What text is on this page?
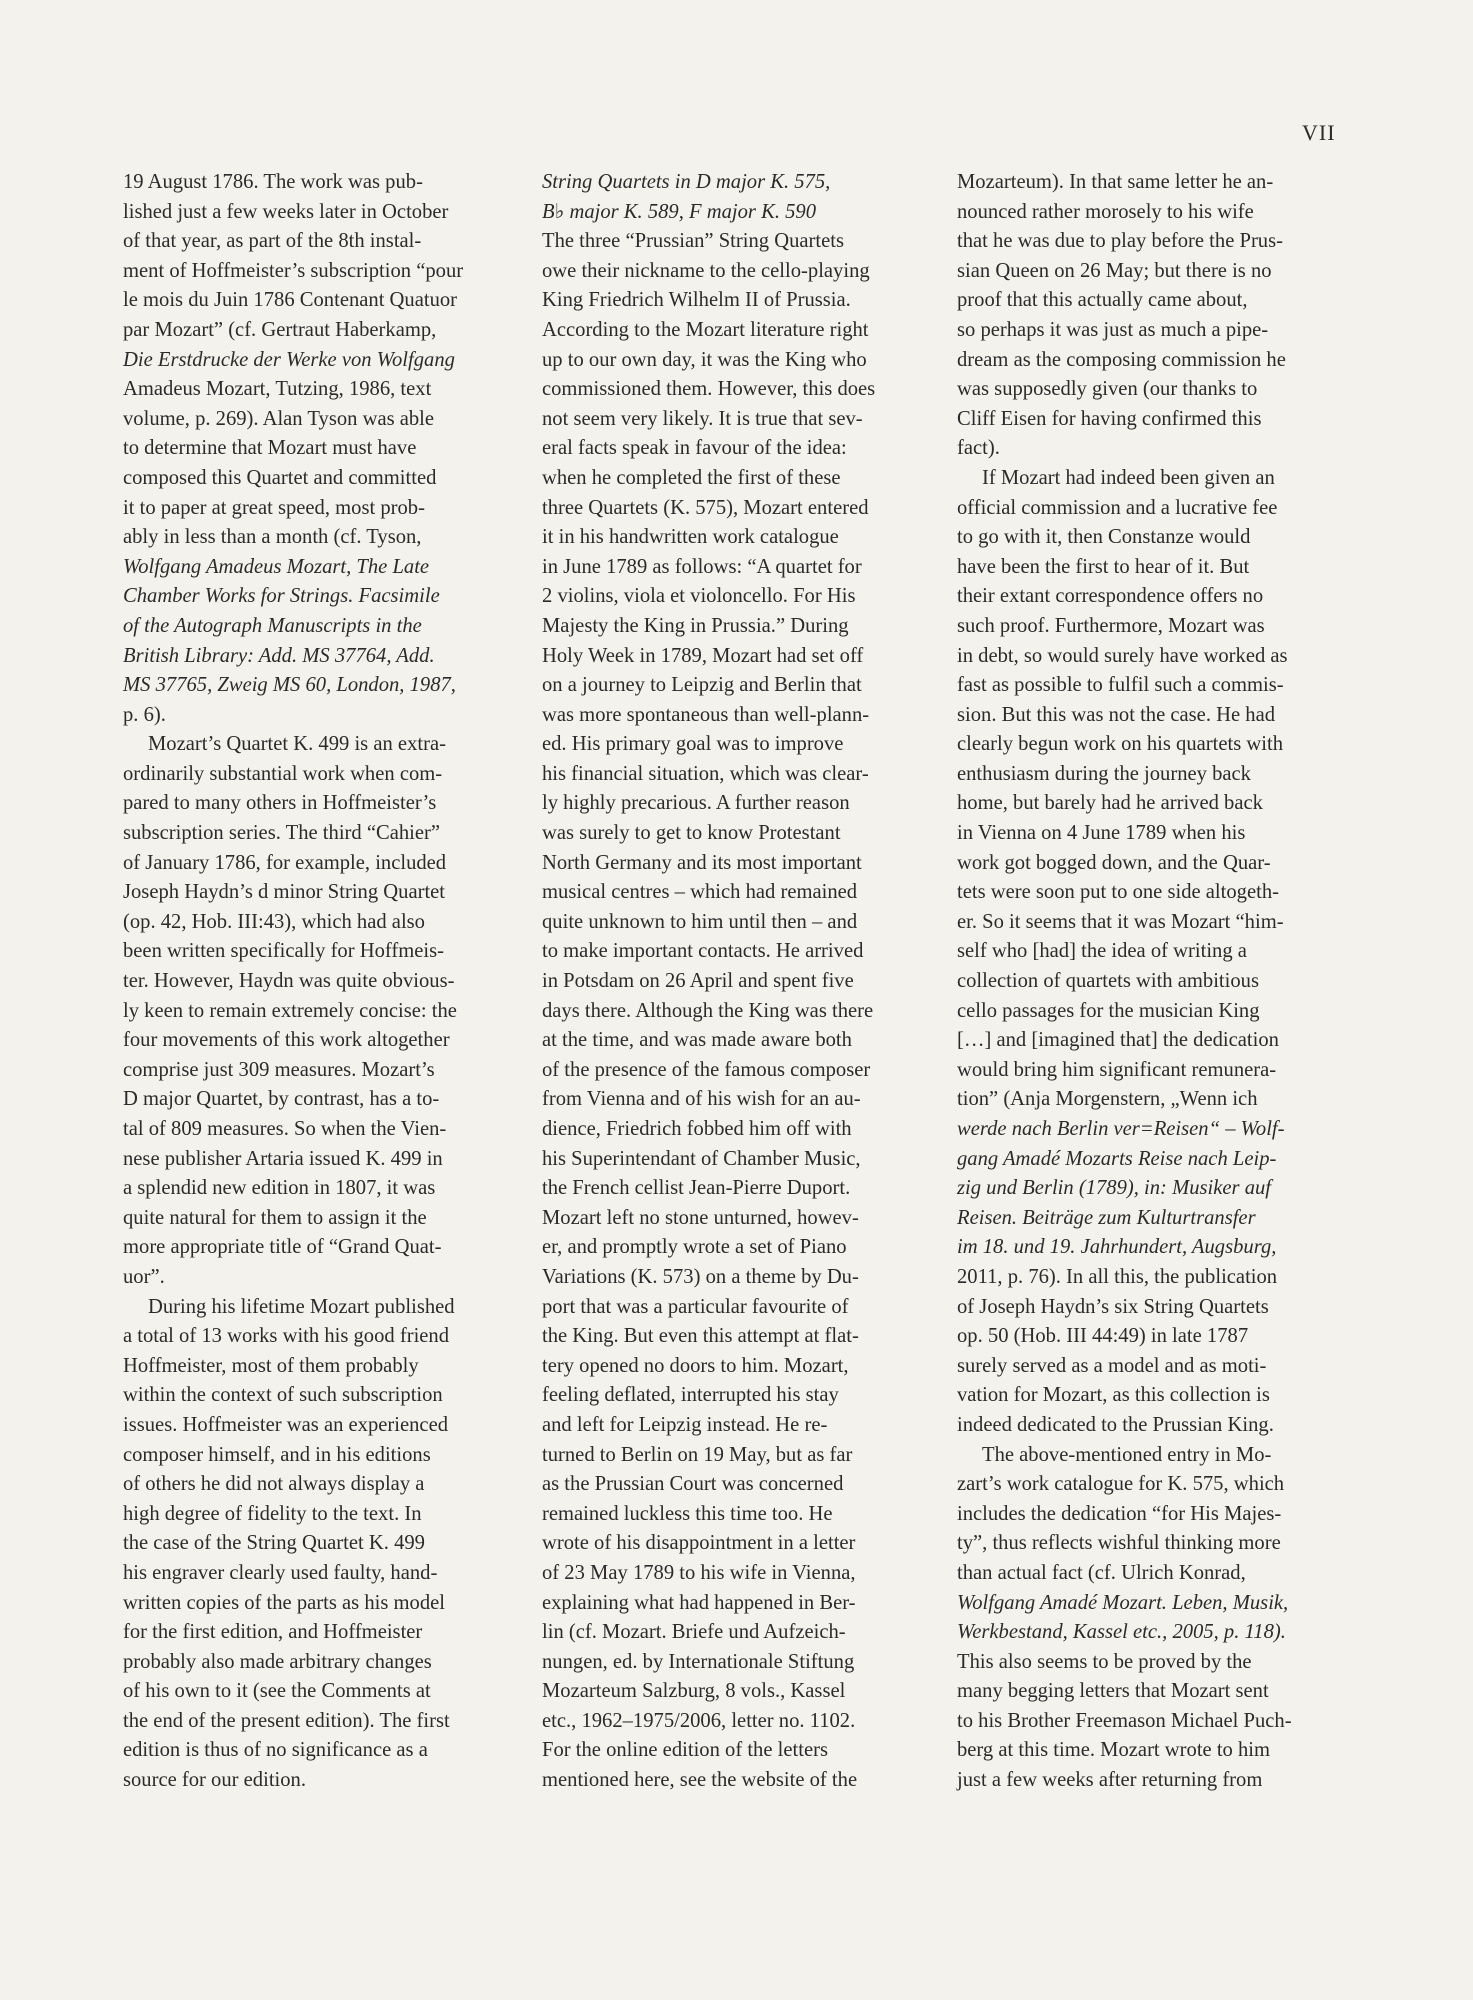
VII
19 August 1786. The work was pub-
lished just a few weeks later in October
of that year, as part of the 8th instal-
ment of Hoffmeister’s subscription “pour
le mois du Juin 1786 Contenant Quatuor
par Mozart” (cf. Gertraut Haberkamp,
Die Erstdrucke der Werke von Wolfgang
Amadeus Mozart, Tutzing, 1986, text
volume, p. 269). Alan Tyson was able
to determine that Mozart must have
composed this Quartet and committed
it to paper at great speed, most prob-
ably in less than a month (cf. Tyson,
Wolfgang Amadeus Mozart, The Late
Chamber Works for Strings. Facsimile
of the Autograph Manuscripts in the
British Library: Add. MS 37764, Add.
MS 37765, Zweig MS 60, London, 1987,
p. 6).
Mozart’s Quartet K. 499 is an extra-
ordinarily substantial work when com-
pared to many others in Hoffmeister’s
subscription series. The third “Cahier”
of January 1786, for example, included
Joseph Haydn’s d minor String Quartet
(op. 42, Hob. III:43), which had also
been written specifically for Hoffmeis-
ter. However, Haydn was quite obvious-
ly keen to remain extremely concise: the
four movements of this work altogether
comprise just 309 measures. Mozart’s
D major Quartet, by contrast, has a to-
tal of 809 measures. So when the Vien-
nese publisher Artaria issued K. 499 in
a splendid new edition in 1807, it was
quite natural for them to assign it the
more appropriate title of “Grand Quat-
uor”.
During his lifetime Mozart published
a total of 13 works with his good friend
Hoffmeister, most of them probably
within the context of such subscription
issues. Hoffmeister was an experienced
composer himself, and in his editions
of others he did not always display a
high degree of fidelity to the text. In
the case of the String Quartet K. 499
his engraver clearly used faulty, hand-
written copies of the parts as his model
for the first edition, and Hoffmeister
probably also made arbitrary changes
of his own to it (see the Comments at
the end of the present edition). The first
edition is thus of no significance as a
source for our edition.
String Quartets in D major K. 575,
B♭ major K. 589, F major K. 590
The three “Prussian” String Quartets
owe their nickname to the cello-playing
King Friedrich Wilhelm II of Prussia.
According to the Mozart literature right
up to our own day, it was the King who
commissioned them. However, this does
not seem very likely. It is true that sev-
eral facts speak in favour of the idea:
when he completed the first of these
three Quartets (K. 575), Mozart entered
it in his handwritten work catalogue
in June 1789 as follows: “A quartet for
2 violins, viola et violoncello. For His
Majesty the King in Prussia.” During
Holy Week in 1789, Mozart had set off
on a journey to Leipzig and Berlin that
was more spontaneous than well-plann-
ed. His primary goal was to improve
his financial situation, which was clear-
ly highly precarious. A further reason
was surely to get to know Protestant
North Germany and its most important
musical centres – which had remained
quite unknown to him until then – and
to make important contacts. He arrived
in Potsdam on 26 April and spent five
days there. Although the King was there
at the time, and was made aware both
of the presence of the famous composer
from Vienna and of his wish for an au-
dience, Friedrich fobbed him off with
his Superintendant of Chamber Music,
the French cellist Jean-Pierre Duport.
Mozart left no stone unturned, howev-
er, and promptly wrote a set of Piano
Variations (K. 573) on a theme by Du-
port that was a particular favourite of
the King. But even this attempt at flat-
tery opened no doors to him. Mozart,
feeling deflated, interrupted his stay
and left for Leipzig instead. He re-
turned to Berlin on 19 May, but as far
as the Prussian Court was concerned
remained luckless this time too. He
wrote of his disappointment in a letter
of 23 May 1789 to his wife in Vienna,
explaining what had happened in Ber-
lin (cf. Mozart. Briefe und Aufzeich-
nungen, ed. by Internationale Stiftung
Mozarteum Salzburg, 8 vols., Kassel
etc., 1962–1975/2006, letter no. 1102.
For the online edition of the letters
mentioned here, see the website of the
Mozarteum). In that same letter he an-
nounced rather morosely to his wife
that he was due to play before the Prus-
sian Queen on 26 May; but there is no
proof that this actually came about,
so perhaps it was just as much a pipe-
dream as the composing commission he
was supposedly given (our thanks to
Cliff Eisen for having confirmed this
fact).
If Mozart had indeed been given an
official commission and a lucrative fee
to go with it, then Constanze would
have been the first to hear of it. But
their extant correspondence offers no
such proof. Furthermore, Mozart was
in debt, so would surely have worked as
fast as possible to fulfil such a commis-
sion. But this was not the case. He had
clearly begun work on his quartets with
enthusiasm during the journey back
home, but barely had he arrived back
in Vienna on 4 June 1789 when his
work got bogged down, and the Quar-
tets were soon put to one side altogeth-
er. So it seems that it was Mozart “him-
self who [had] the idea of writing a
collection of quartets with ambitious
cello passages for the musician King
[…] and [imagined that] the dedication
would bring him significant remunera-
tion” (Anja Morgenstern, „Wenn ich
werde nach Berlin ver=Reisen“ – Wolf-
gang Amadé Mozarts Reise nach Leip-
zig und Berlin (1789), in: Musiker auf
Reisen. Beiträge zum Kulturtransfer
im 18. und 19. Jahrhundert, Augsburg,
2011, p. 76). In all this, the publication
of Joseph Haydn’s six String Quartets
op. 50 (Hob. III 44:49) in late 1787
surely served as a model and as moti-
vation for Mozart, as this collection is
indeed dedicated to the Prussian King.
The above-mentioned entry in Mo-
zart’s work catalogue for K. 575, which
includes the dedication “for His Majes-
ty”, thus reflects wishful thinking more
than actual fact (cf. Ulrich Konrad,
Wolfgang Amadé Mozart. Leben, Musik,
Werkbestand, Kassel etc., 2005, p. 118).
This also seems to be proved by the
many begging letters that Mozart sent
to his Brother Freemason Michael Puch-
berg at this time. Mozart wrote to him
just a few weeks after returning from
